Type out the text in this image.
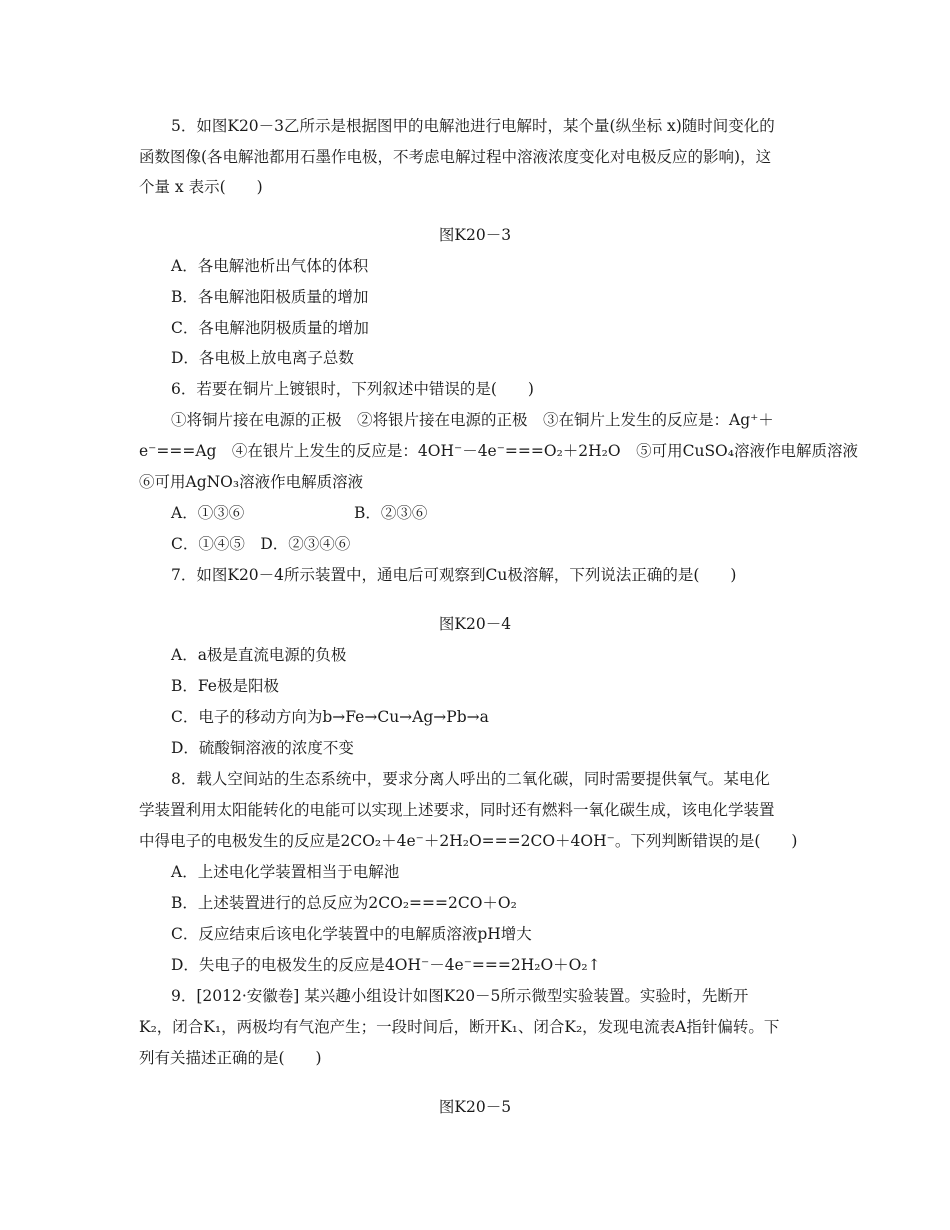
5．如图K20－3乙所示是根据图甲的电解池进行电解时，某个量(纵坐标 x)随时间变化的
函数图像(各电解池都用石墨作电极，不考虑电解过程中溶液浓度变化对电极反应的影响)，这
个量 x 表示(　　)
图K20－3
A．各电解池析出气体的体积
B．各电解池阳极质量的增加
C．各电解池阴极质量的增加
D．各电极上放电离子总数
6．若要在铜片上镀银时，下列叙述中错误的是(　　)
①将铜片接在电源的正极　②将银片接在电源的正极　③在铜片上发生的反应是：Ag⁺＋
e⁻===Ag　④在银片上发生的反应是：4OH⁻－4e⁻===O₂＋2H₂O　⑤可用CuSO₄溶液作电解质溶液
⑥可用AgNO₃溶液作电解质溶液
A．①③⑥	B．②③⑥
C．①④⑤　D．②③④⑥
7．如图K20－4所示装置中，通电后可观察到Cu极溶解，下列说法正确的是(　　)
图K20－4
A．a极是直流电源的负极
B．Fe极是阳极
C．电子的移动方向为b→Fe→Cu→Ag→Pb→a
D．硫酸铜溶液的浓度不变
8．载人空间站的生态系统中，要求分离人呼出的二氧化碳，同时需要提供氧气。某电化
学装置利用太阳能转化的电能可以实现上述要求，同时还有燃料一氧化碳生成，该电化学装置
中得电子的电极发生的反应是2CO₂＋4e⁻＋2H₂O===2CO＋4OH⁻。下列判断错误的是(　　)
A．上述电化学装置相当于电解池
B．上述装置进行的总反应为2CO₂===2CO＋O₂
C．反应结束后该电化学装置中的电解质溶液pH增大
D．失电子的电极发生的反应是4OH⁻－4e⁻===2H₂O＋O₂↑
9．[2012·安徽卷] 某兴趣小组设计如图K20－5所示微型实验装置。实验时，先断开
K₂，闭合K₁，两极均有气泡产生；一段时间后，断开K₁、闭合K₂，发现电流表A指针偏转。下
列有关描述正确的是(　　)
图K20－5
